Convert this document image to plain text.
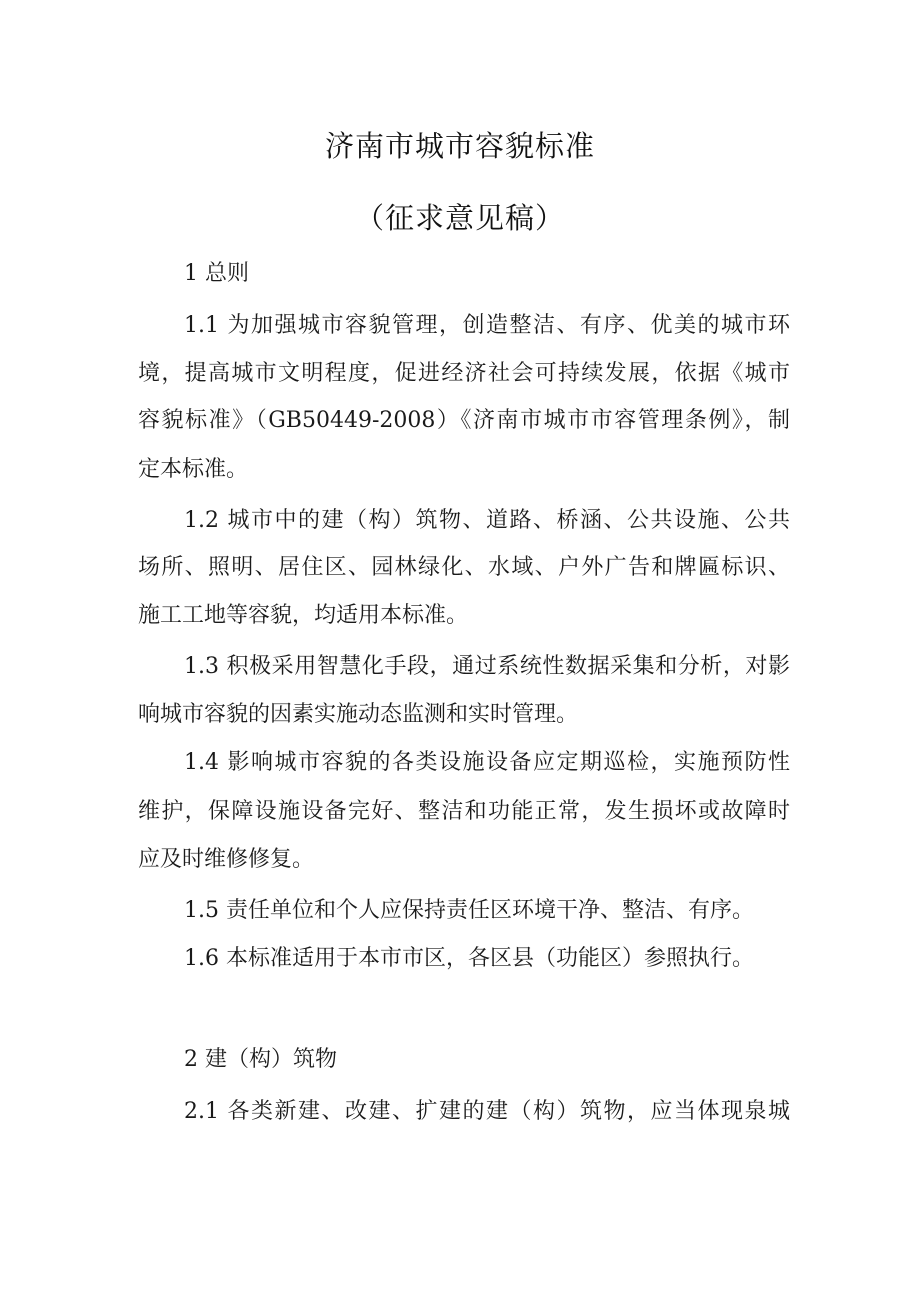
济南市城市容貌标准
（征求意见稿）
1 总则
1.1 为加强城市容貌管理，创造整洁、有序、优美的城市环
境，提高城市文明程度，促进经济社会可持续发展，依据《城市
容貌标准》（GB50449-2008）《济南市城市市容管理条例》，制
定本标准。
1.2 城市中的建（构）筑物、道路、桥涵、公共设施、公共
场所、照明、居住区、园林绿化、水域、户外广告和牌匾标识、
施工工地等容貌，均适用本标准。
1.3 积极采用智慧化手段，通过系统性数据采集和分析，对影
响城市容貌的因素实施动态监测和实时管理。
1.4 影响城市容貌的各类设施设备应定期巡检，实施预防性
维护，保障设施设备完好、整洁和功能正常，发生损坏或故障时
应及时维修修复。
1.5 责任单位和个人应保持责任区环境干净、整洁、有序。
1.6 本标准适用于本市市区，各区县（功能区）参照执行。
2 建（构）筑物
2.1 各类新建、改建、扩建的建（构）筑物，应当体现泉城
